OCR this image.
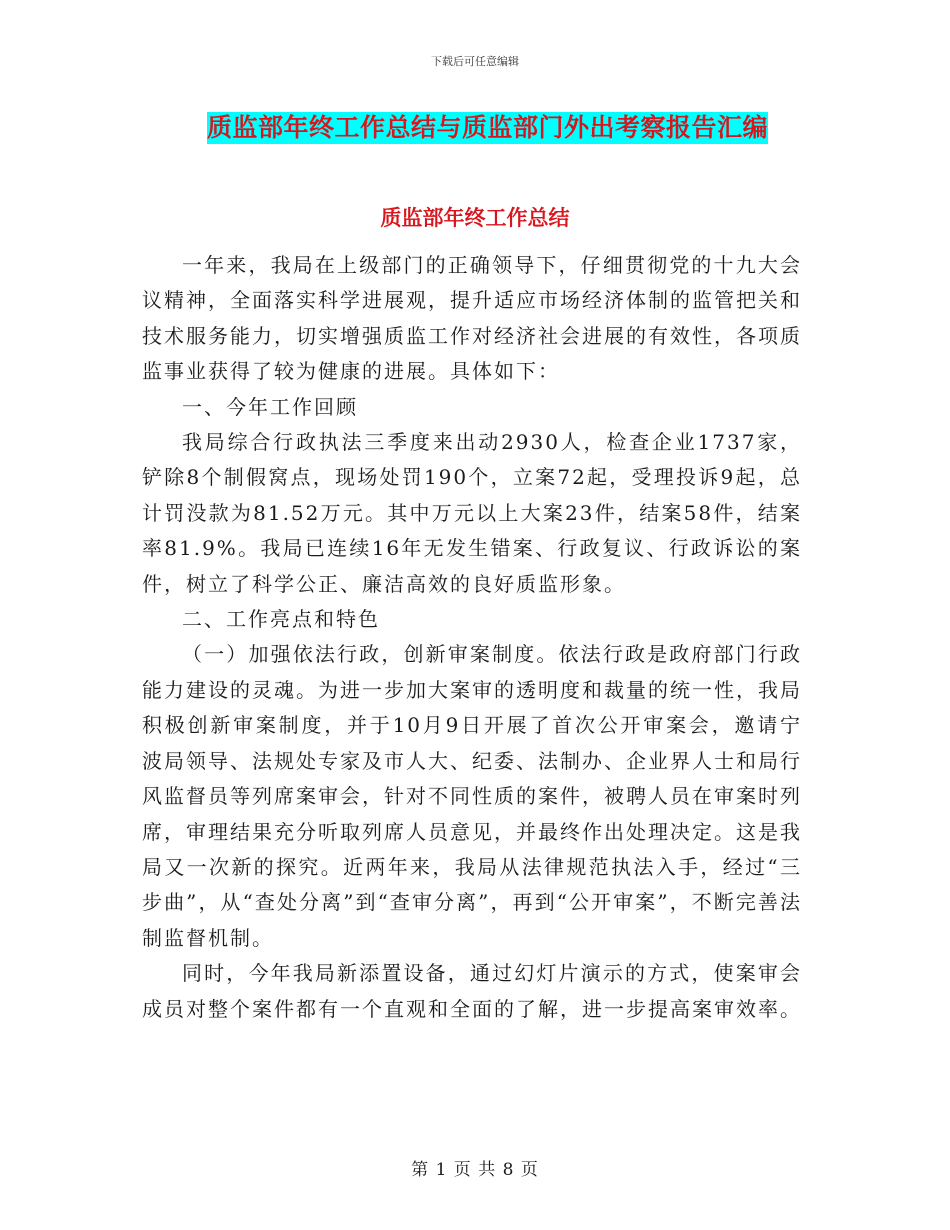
下载后可任意编辑
质监部年终工作总结与质监部门外出考察报告汇编
质监部年终工作总结

一年来，我局在上级部门的正确领导下，仔细贯彻党的十九大会议精神，全面落实科学进展观，提升适应市场经济体制的监管把关和技术服务能力，切实增强质监工作对经济社会进展的有效性，各项质监事业获得了较为健康的进展。具体如下：

一、今年工作回顾

我局综合行政执法三季度来出动2930人，检查企业1737家，铲除8个制假窝点，现场处罚190个，立案72起，受理投诉9起，总计罚没款为81.52万元。其中万元以上大案23件，结案58件，结案率81.9%。我局已连续16年无发生错案、行政复议、行政诉讼的案件，树立了科学公正、廉洁高效的良好质监形象。

二、工作亮点和特色

（一）加强依法行政，创新审案制度。依法行政是政府部门行政能力建设的灵魂。为进一步加大案审的透明度和裁量的统一性，我局积极创新审案制度，并于10月9日开展了首次公开审案会，邀请宁波局领导、法规处专家及市人大、纪委、法制办、企业界人士和局行风监督员等列席案审会，针对不同性质的案件，被聘人员在审案时列席，审理结果充分听取列席人员意见，并最终作出处理决定。这是我局又一次新的探究。近两年来，我局从法律规范执法入手，经过“三步曲”，从“查处分离”到“查审分离”，再到“公开审案”，不断完善法制监督机制。

同时，今年我局新添置设备，通过幻灯片演示的方式，使案审会成员对整个案件都有一个直观和全面的了解，进一步提高案审效率。

第 1 页 共 8 页
